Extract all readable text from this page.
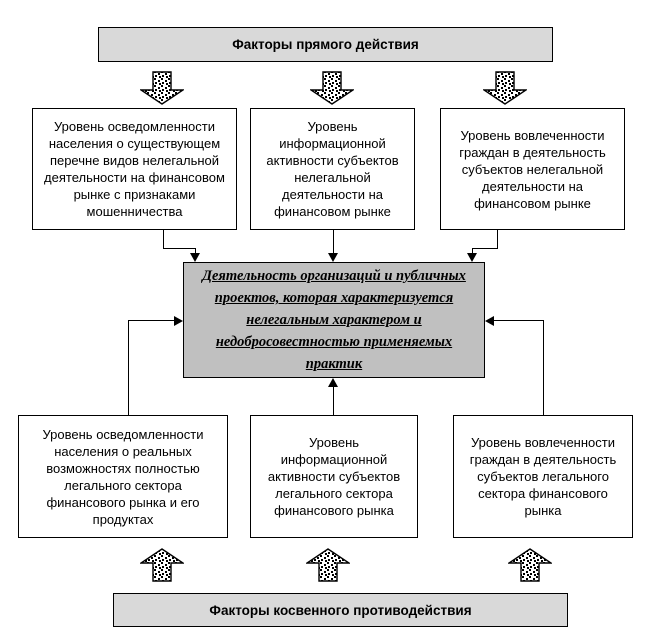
Факторы прямого действия
Уровень осведомленности населения о существующем перечне видов нелегальной деятельности на финансовом рынке с признаками мошенничества
Уровень информационной активности субъектов нелегальной деятельности на финансовом рынке
Уровень вовлеченности граждан в деятельность субъектов нелегальной деятельности на финансовом рынке
Деятельность организаций и публичных проектов, которая характеризуется нелегальным характером и недобросовестностью применяемых практик
Уровень осведомленности населения о реальных возможностях полностью легального сектора финансового рынка и его продуктах
Уровень информационной активности субъектов легального сектора финансового рынка
Уровень вовлеченности граждан в деятельность субъектов легального сектора финансового рынка
Факторы косвенного противодействия
